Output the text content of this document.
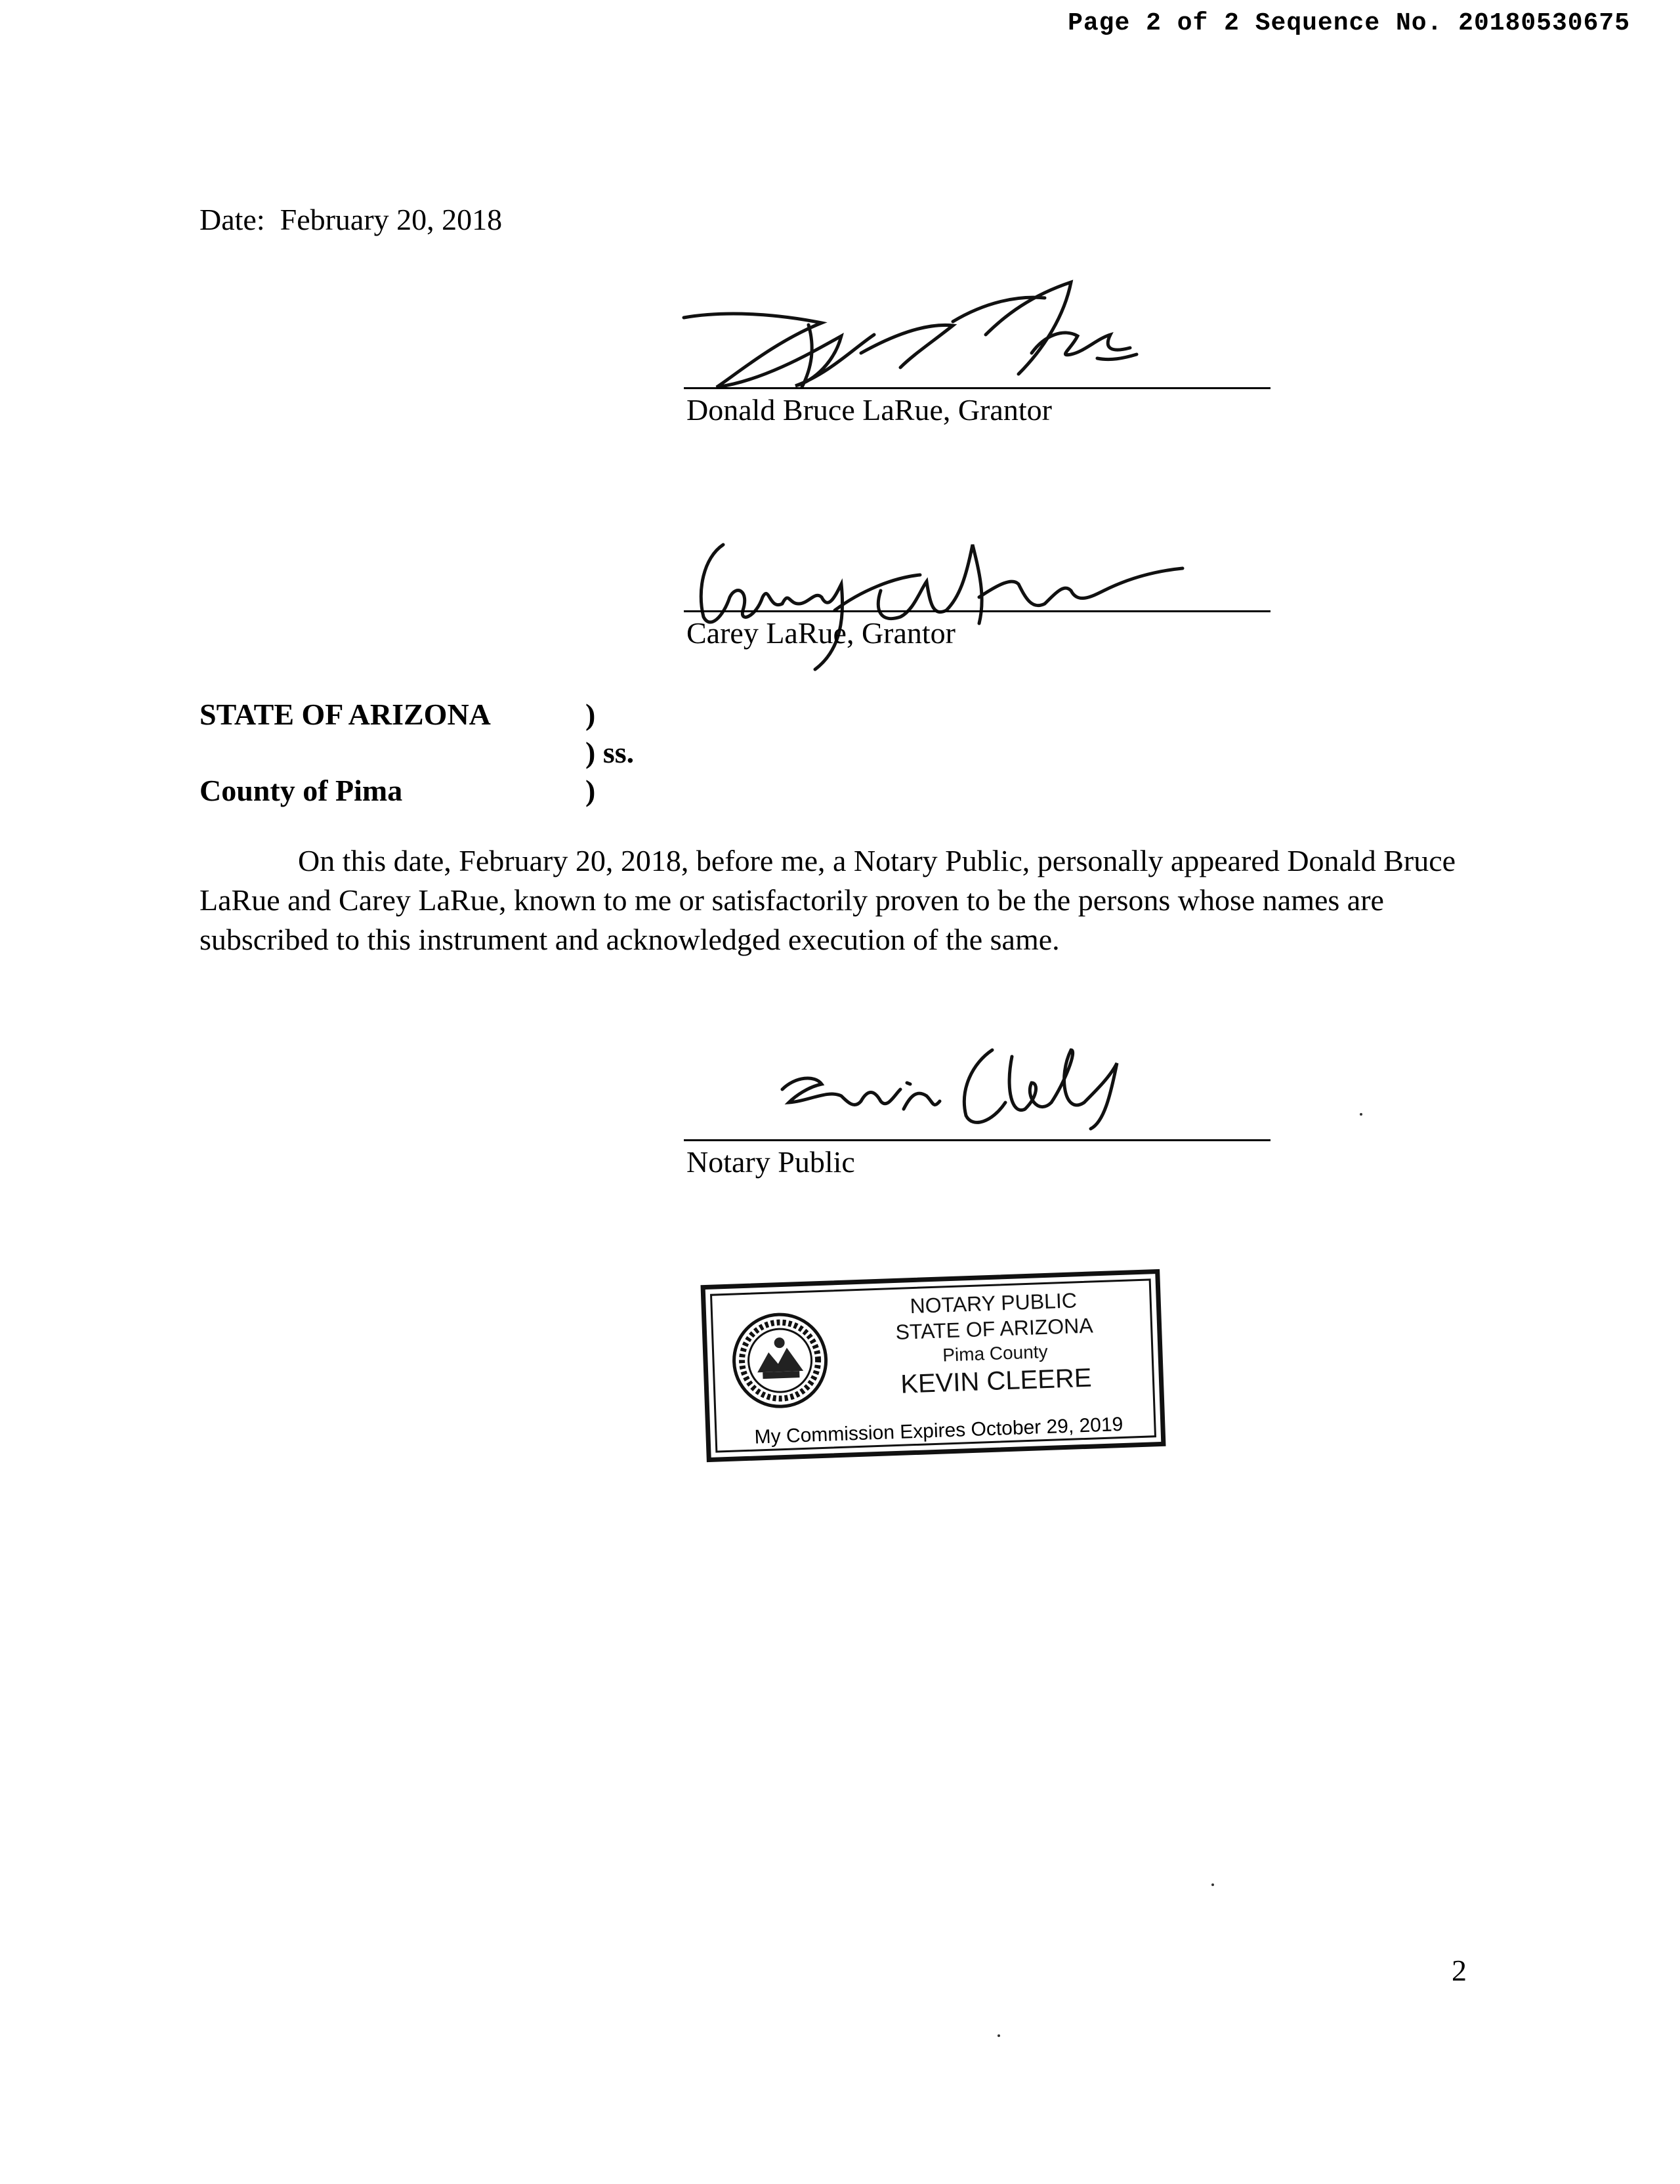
Page 2 of 2 Sequence No. 20180530675
Date:  February 20, 2018
Donald Bruce LaRue, Grantor
Carey LaRue, Grantor
STATE OF ARIZONA	)
) ss.
County of Pima	)
On this date, February 20, 2018, before me, a Notary Public, personally appeared Donald Bruce LaRue and Carey LaRue, known to me or satisfactorily proven to be the persons whose names are subscribed to this instrument and acknowledged execution of the same.
Notary Public
NOTARY PUBLIC
STATE OF ARIZONA
Pima County
KEVIN CLEERE
My Commission Expires October 29, 2019
2
